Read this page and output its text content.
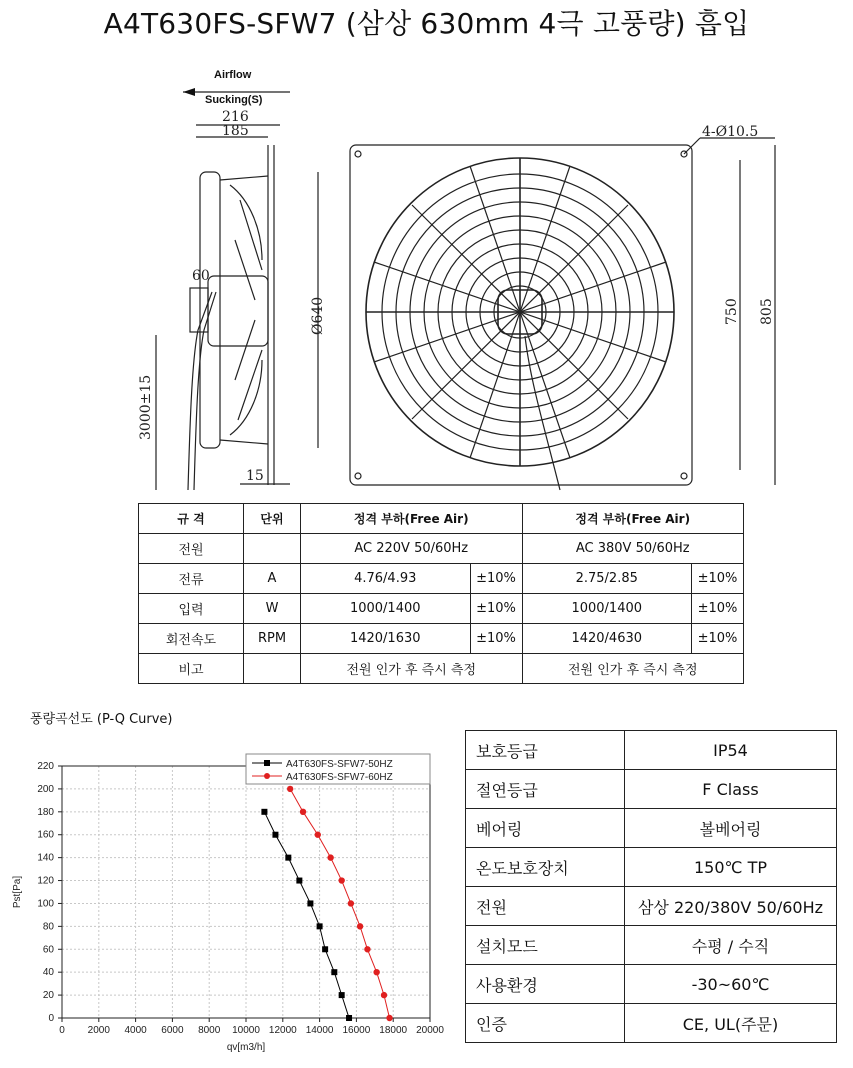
A4T630FS-SFW7 (삼상 630mm 4극 고풍량) 흡입
Airflow
Sucking(S)
216
185
60
3000±15
Ø640
15
4-Ø10.5
750 805
규 격	단위	정격 부하(Free Air)		정격 부하(Free Air)	
전원		AC 220V 50/60Hz		AC 380V 50/60Hz	
전류	A	4.76/4.93	±10%	2.75/2.85	±10%
입력	W	1000/1400	±10%	1000/1400	±10%
회전속도	RPM	1420/1630	±10%	1420/4630	±10%
비고		전원 인가 후 즉시 측정		전원 인가 후 즉시 측정	
풍량곡선도 (P-Q Curve)
0 2000 4000 6000 8000 10000 12000 14000 16000 18000 20000
0
20
40
60
80
100
120
140
160
180
200
220
qv[m3/h]
Pst[Pa]
A4T630FS-SFW7-50HZ
A4T630FS-SFW7-60HZ
보호등급	IP54
절연등급	F Class
베어링	볼베어링
온도보호장치	150℃ TP
전원	삼상 220/380V 50/60Hz
설치모드	수평 / 수직
사용환경	-30~60℃
인증	CE, UL(주문)
